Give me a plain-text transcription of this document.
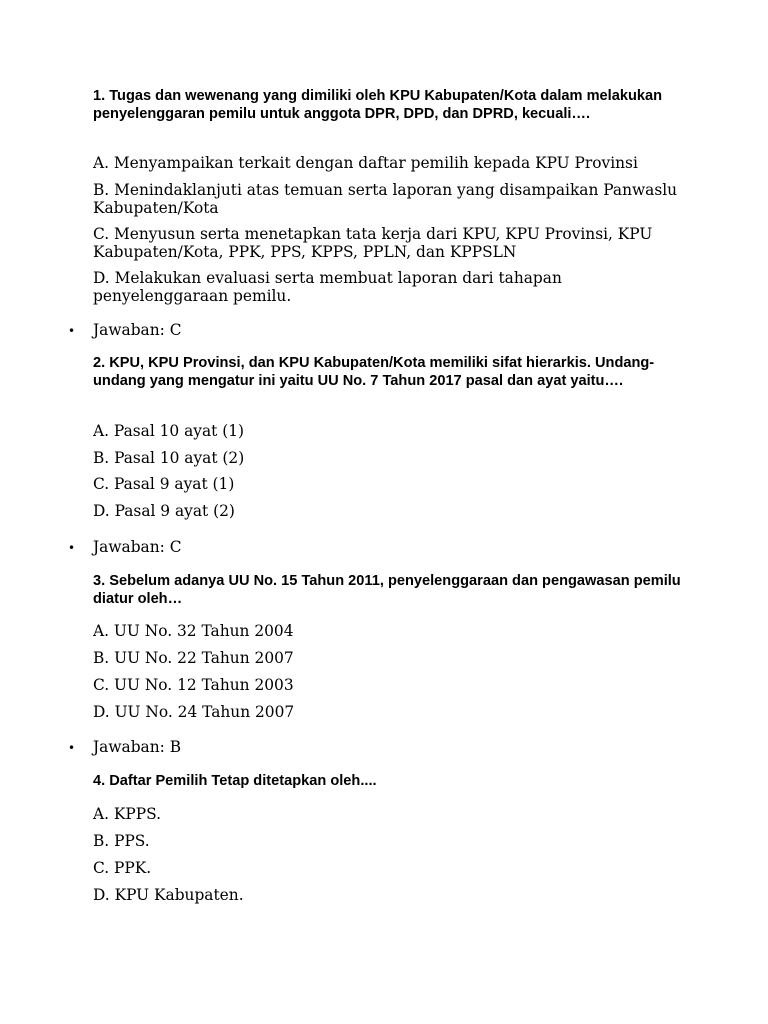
1. Tugas dan wewenang yang dimiliki oleh KPU Kabupaten/Kota dalam melakukan penyelenggaran pemilu untuk anggota DPR, DPD, dan DPRD, kecuali….

A. Menyampaikan terkait dengan daftar pemilih kepada KPU Provinsi

B. Menindaklanjuti atas temuan serta laporan yang disampaikan Panwaslu Kabupaten/Kota

C. Menyusun serta menetapkan tata kerja dari KPU, KPU Provinsi, KPU Kabupaten/Kota, PPK, PPS, KPPS, PPLN, dan KPPSLN

D. Melakukan evaluasi serta membuat laporan dari tahapan penyelenggaraan pemilu.

• Jawaban: C

2. KPU, KPU Provinsi, dan KPU Kabupaten/Kota memiliki sifat hierarkis. Undang-undang yang mengatur ini yaitu UU No. 7 Tahun 2017 pasal dan ayat yaitu….

A. Pasal 10 ayat (1)

B. Pasal 10 ayat (2)

C. Pasal 9 ayat (1)

D. Pasal 9 ayat (2)

• Jawaban: C

3. Sebelum adanya UU No. 15 Tahun 2011, penyelenggaraan dan pengawasan pemilu diatur oleh…

A. UU No. 32 Tahun 2004

B. UU No. 22 Tahun 2007

C. UU No. 12 Tahun 2003

D. UU No. 24 Tahun 2007

• Jawaban: B

4. Daftar Pemilih Tetap ditetapkan oleh....

A. KPPS.

B. PPS.

C. PPK.

D. KPU Kabupaten.
